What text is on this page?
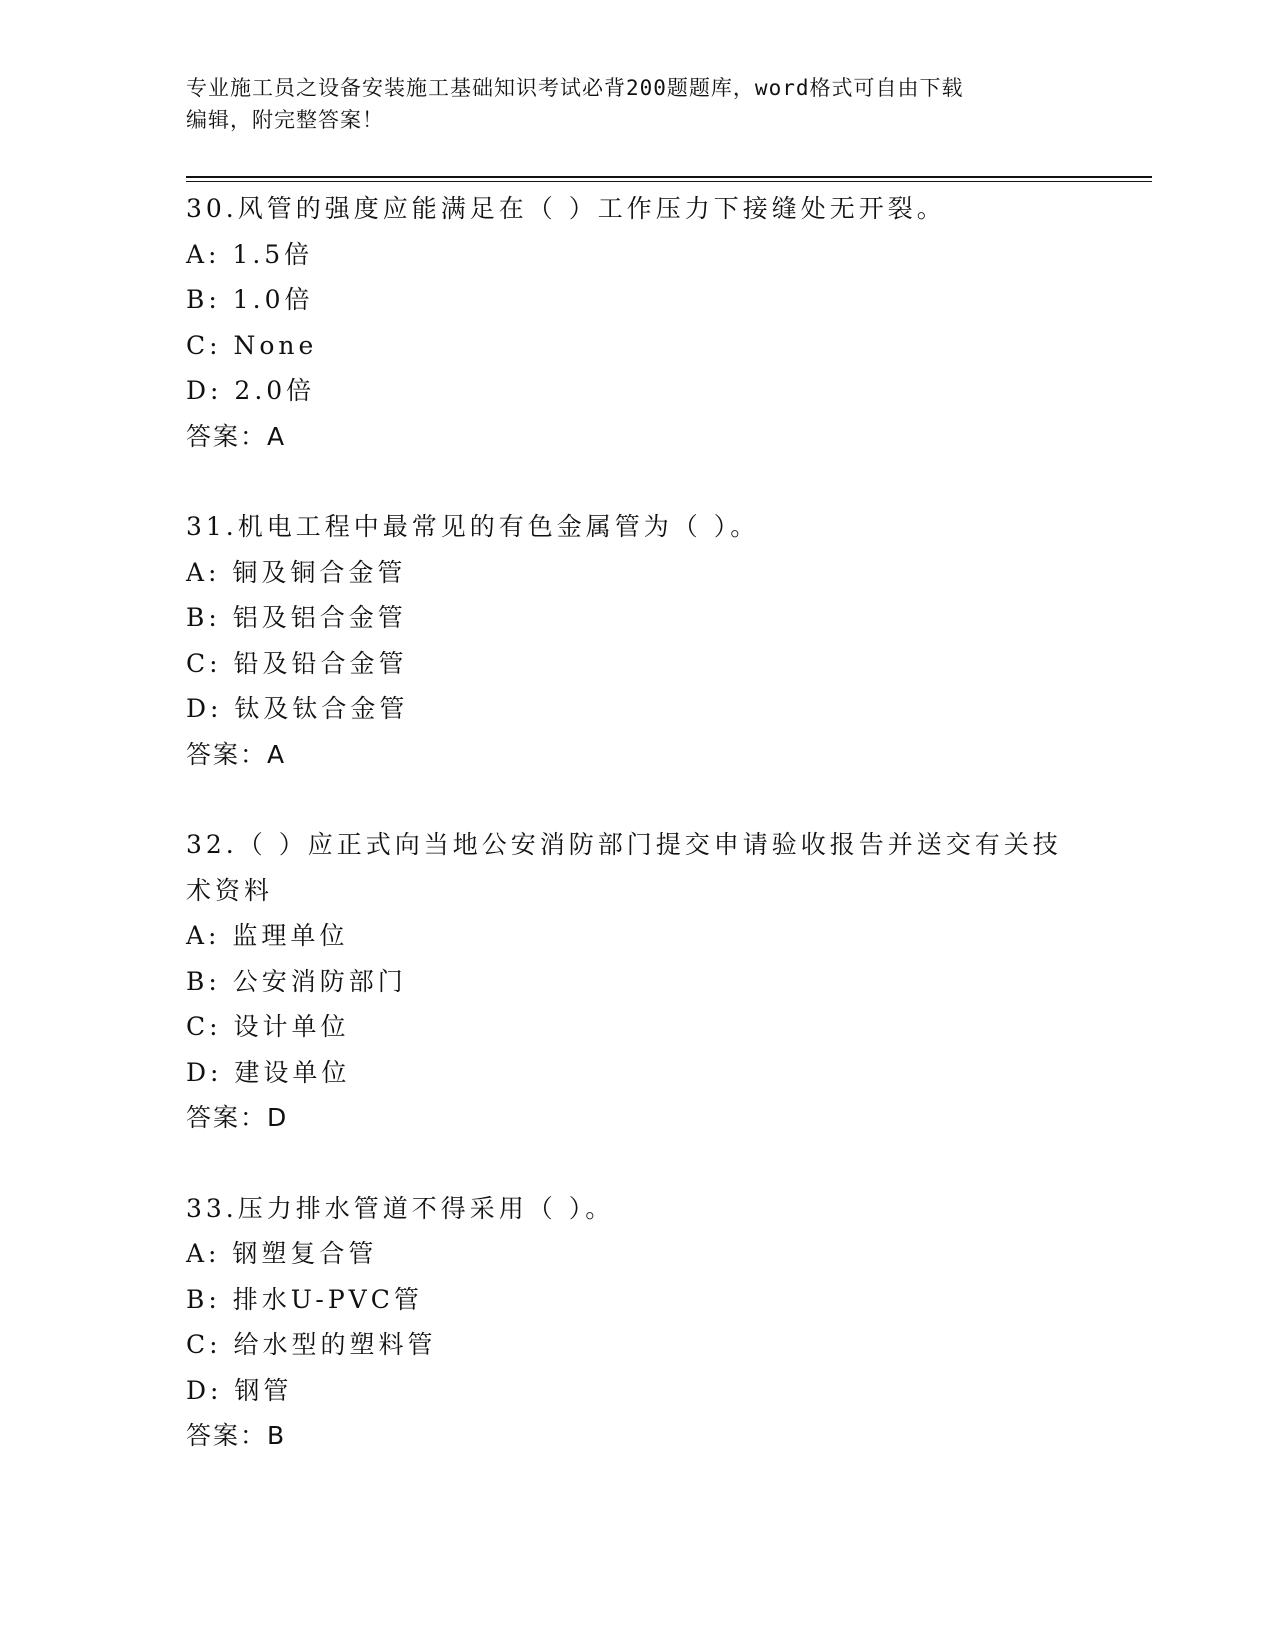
专业施工员之设备安装施工基础知识考试必背200题题库，word格式可自由下载
编辑，附完整答案！
30.风管的强度应能满足在（ ）工作压力下接缝处无开裂。
A: 1.5倍
B: 1.0倍
C: None
D: 2.0倍
答案：A
31.机电工程中最常见的有色金属管为（ ）。
A: 铜及铜合金管
B: 铝及铝合金管
C: 铅及铅合金管
D: 钛及钛合金管
答案：A
32.（ ）应正式向当地公安消防部门提交申请验收报告并送交有关技术资料
A: 监理单位
B: 公安消防部门
C: 设计单位
D: 建设单位
答案：D
33.压力排水管道不得采用（ ）。
A: 钢塑复合管
B: 排水U-PVC管
C: 给水型的塑料管
D: 钢管
答案：B
